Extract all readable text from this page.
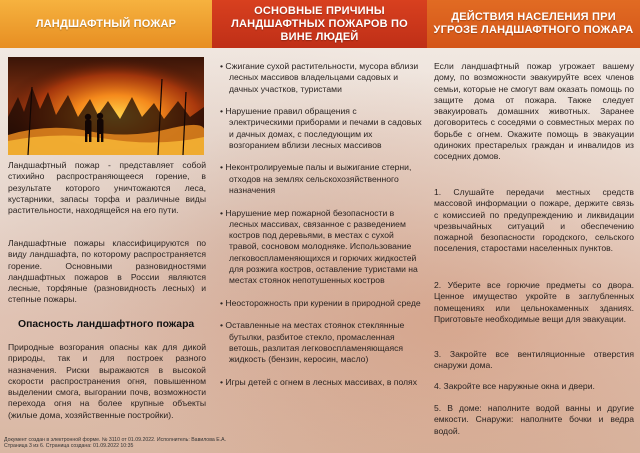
ЛАНДШАФТНЫЙ ПОЖАР
Ландшафтный пожар - представляет собой стихийно распространяющееся горение, в результате которого уничтожаются леса, кустарники, запасы торфа и различные виды растительности, находящейся на его пути.
Ландшафтные пожары классифицируются по виду ландшафта, по которому распространяется горение. Основными разновидностями ландшафтных пожаров в России являются лесные, торфяные (разновидность лесных) и степные пожары.
Опасность ландшафтного пожара
Природные возгорания опасны как для дикой природы, так и для построек разного назначения. Риски выражаются в высокой скорости распространения огня, повышенном выделении смога, выгорании почв, возможности перехода огня на более крупные объекты (жилые дома, хозяйственные постройки).
ОСНОВНЫЕ ПРИЧИНЫ ЛАНДШАФТНЫХ ПОЖАРОВ ПО ВИНЕ ЛЮДЕЙ
• Сжигание сухой растительности, мусора вблизи лесных массивов владельцами садовых и дачных участков, туристами
• Нарушение правил обращения с электрическими приборами и печами в садовых и дачных домах, с последующим их возгоранием вблизи лесных массивов
• Неконтролируемые палы и выжигание стерни, отходов на землях сельскохозяйственного назначения
• Нарушение мер пожарной безопасности в лесных массивах, связанное с разведением костров под деревьями, в местах с сухой травой, сосновом молодняке. Использование легковоспламеняющихся и горючих жидкостей для розжига костров, оставление туристами на местах стоянок непотушенных костров
• Неосторожность при курении в природной среде
• Оставленные на местах стоянок стеклянные бутылки, разбитое стекло, промасленная ветошь, разлитая легковоспламеняющаяся жидкость (бензин, керосин, масло)
• Игры детей с огнем в лесных массивах, в полях
ДЕЙСТВИЯ НАСЕЛЕНИЯ ПРИ УГРОЗЕ ЛАНДШАФТНОГО ПОЖАРА
Если ландшафтный пожар угрожает вашему дому, по возможности эвакуируйте всех членов семьи, которые не смогут вам оказать помощь по защите дома от пожара. Также следует эвакуировать домашних животных. Заранее договоритесь с соседями о совместных мерах по борьбе с огнем. Окажите помощь в эвакуации одиноких престарелых граждан и инвалидов из соседних домов.
1. Слушайте передачи местных средств массовой информации о пожаре, держите связь с комиссией по предупреждению и ликвидации чрезвычайных ситуаций и обеспечению пожарной безопасности городского, сельского поселения, старостами населенных пунктов.
2. Уберите все горючие предметы со двора. Ценное имущество укройте в заглубленных помещениях или цельнокаменных зданиях. Приготовьте необходимые вещи для эвакуации.
3. Закройте все вентиляционные отверстия снаружи дома.
4. Закройте все наружные окна и двери.
5. В доме: наполните водой ванны и другие емкости. Снаружи: наполните бочки и ведра водой.
Документ создан в электронной форме. № 3110 от 01.09.2022. Исполнитель: Вавилова Е.А.
Страница 3 из 6. Страница создана: 01.09.2022 10:35
